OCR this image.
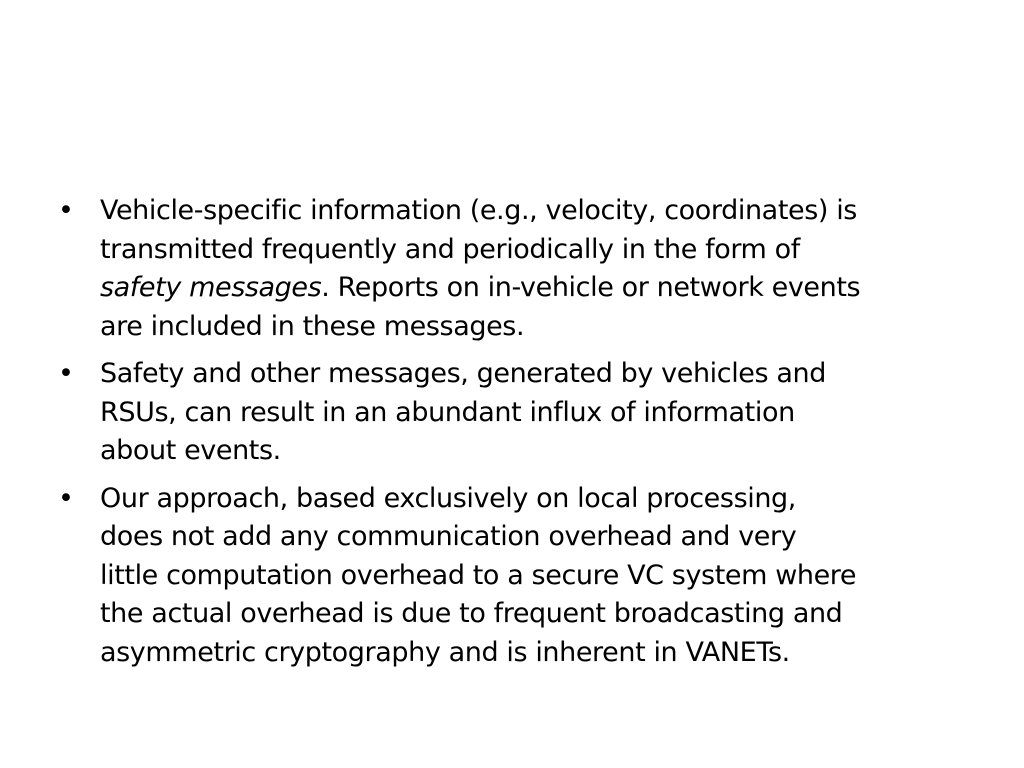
• Vehicle-specific information (e.g., velocity, coordinates) is
transmitted frequently and periodically in the form of
safety messages. Reports on in-vehicle or network events
are included in these messages.
• Safety and other messages, generated by vehicles and
RSUs, can result in an abundant influx of information
about events.
• Our approach, based exclusively on local processing,
does not add any communication overhead and very
little computation overhead to a secure VC system where
the actual overhead is due to frequent broadcasting and
asymmetric cryptography and is inherent in VANETs.
